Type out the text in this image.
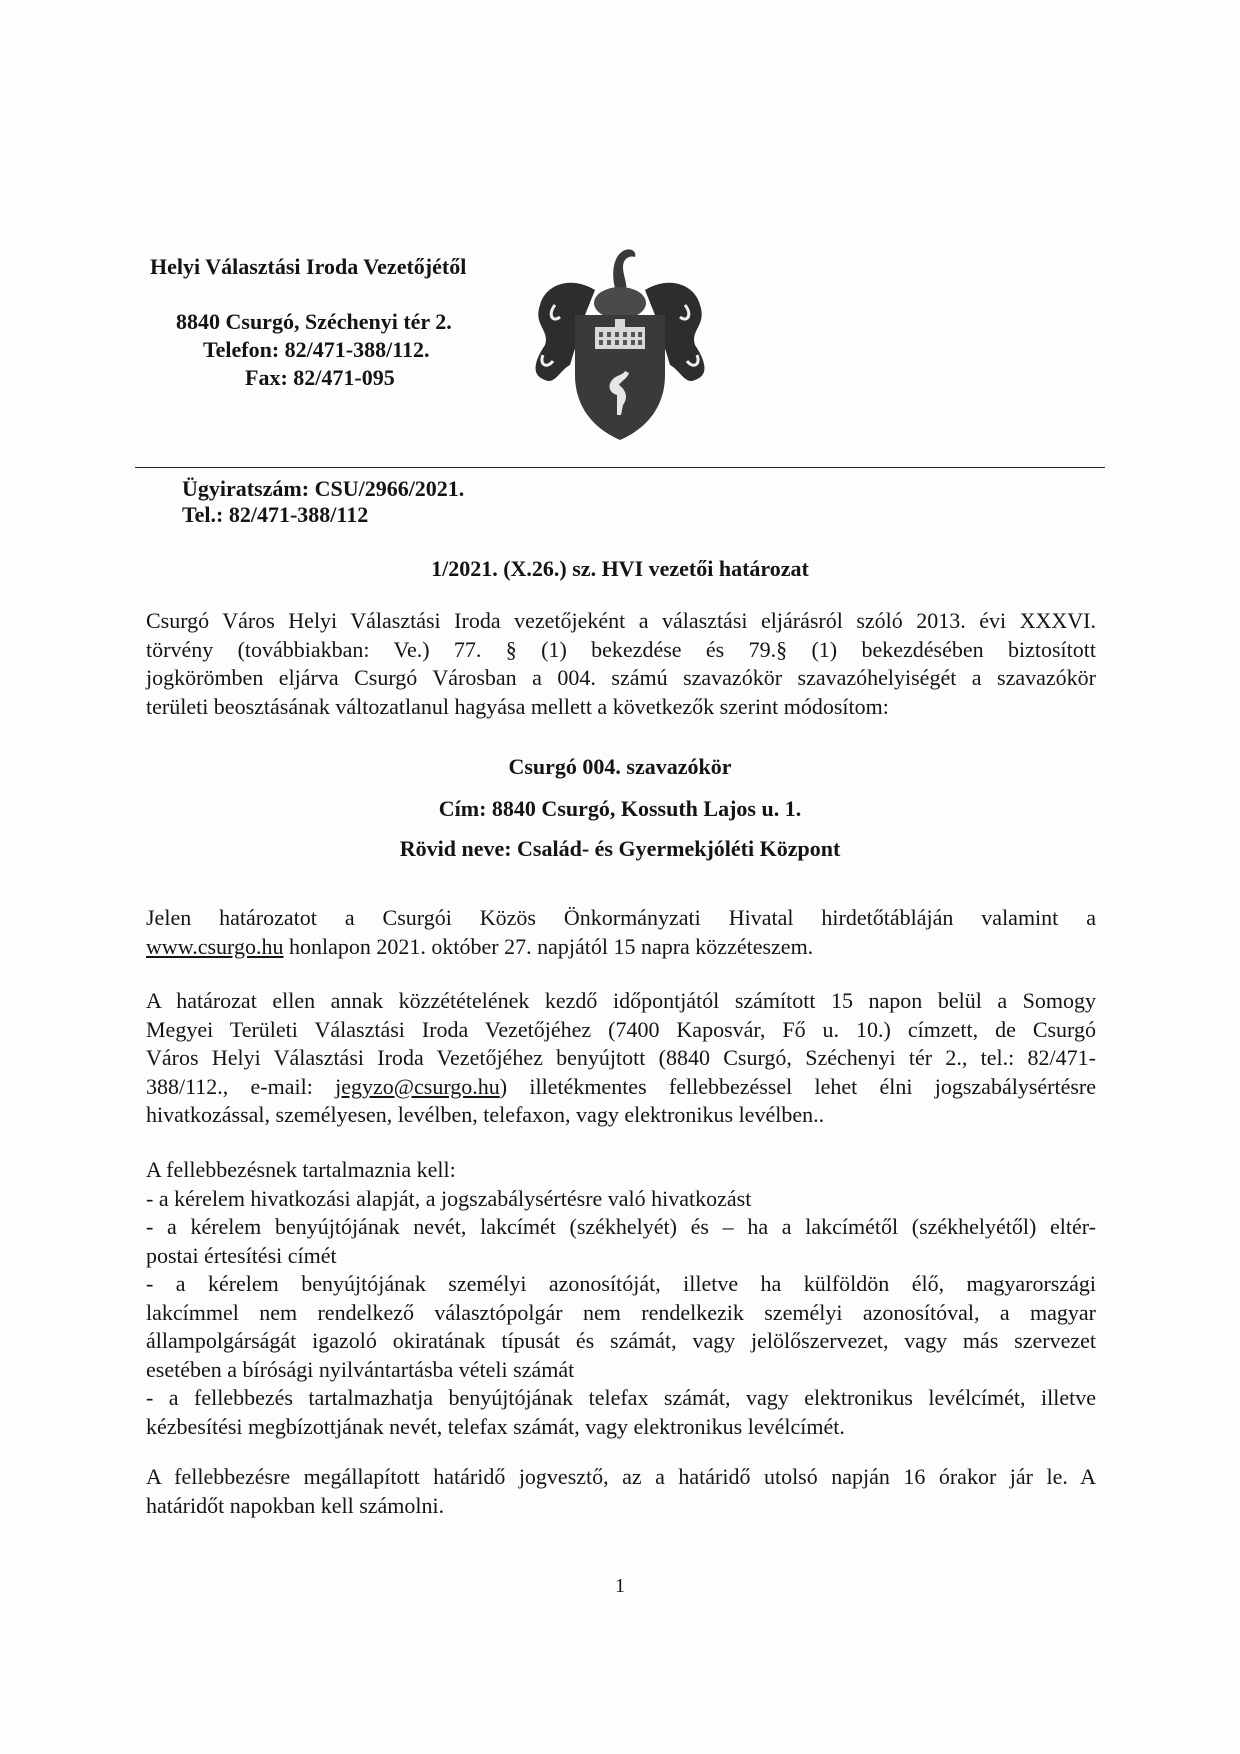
Helyi Választási Iroda Vezetőjétől
8840 Csurgó, Széchenyi tér 2.
Telefon: 82/471-388/112.
Fax: 82/471-095
Ügyiratszám: CSU/2966/2021.
Tel.: 82/471-388/112
1/2021. (X.26.) sz. HVI vezetői határozat
Csurgó Város Helyi Választási Iroda vezetőjeként a választási eljárásról szóló 2013. évi XXXVI.
törvény (továbbiakban: Ve.) 77. § (1) bekezdése és 79.§ (1) bekezdésében biztosított
jogkörömben eljárva Csurgó Városban a 004. számú szavazókör szavazóhelyiségét a szavazókör
területi beosztásának változatlanul hagyása mellett a következők szerint módosítom:
Csurgó 004. szavazókör
Cím: 8840 Csurgó, Kossuth Lajos u. 1.
Rövid neve: Család- és Gyermekjóléti Központ
Jelen határozatot a Csurgói Közös Önkormányzati Hivatal hirdetőtábláján valamint a
www.csurgo.hu honlapon 2021. október 27. napjától 15 napra közzéteszem.
A határozat ellen annak közzétételének kezdő időpontjától számított 15 napon belül a Somogy
Megyei Területi Választási Iroda Vezetőjéhez (7400 Kaposvár, Fő u. 10.) címzett, de Csurgó
Város Helyi Választási Iroda Vezetőjéhez benyújtott (8840 Csurgó, Széchenyi tér 2., tel.: 82/471-
388/112., e-mail: jegyzo@csurgo.hu) illetékmentes fellebbezéssel lehet élni jogszabálysértésre
hivatkozással, személyesen, levélben, telefaxon, vagy elektronikus levélben..
A fellebbezésnek tartalmaznia kell:
- a kérelem hivatkozási alapját, a jogszabálysértésre való hivatkozást
- a kérelem benyújtójának nevét, lakcímét (székhelyét) és – ha a lakcímétől (székhelyétől) eltér-
postai értesítési címét
- a kérelem benyújtójának személyi azonosítóját, illetve ha külföldön élő, magyarországi
lakcímmel nem rendelkező választópolgár nem rendelkezik személyi azonosítóval, a magyar
állampolgárságát igazoló okiratának típusát és számát, vagy jelölőszervezet, vagy más szervezet
esetében a bírósági nyilvántartásba vételi számát
- a fellebbezés tartalmazhatja benyújtójának telefax számát, vagy elektronikus levélcímét, illetve
kézbesítési megbízottjának nevét, telefax számát, vagy elektronikus levélcímét.
A fellebbezésre megállapított határidő jogvesztő, az a határidő utolsó napján 16 órakor jár le. A
határidőt napokban kell számolni.
1
